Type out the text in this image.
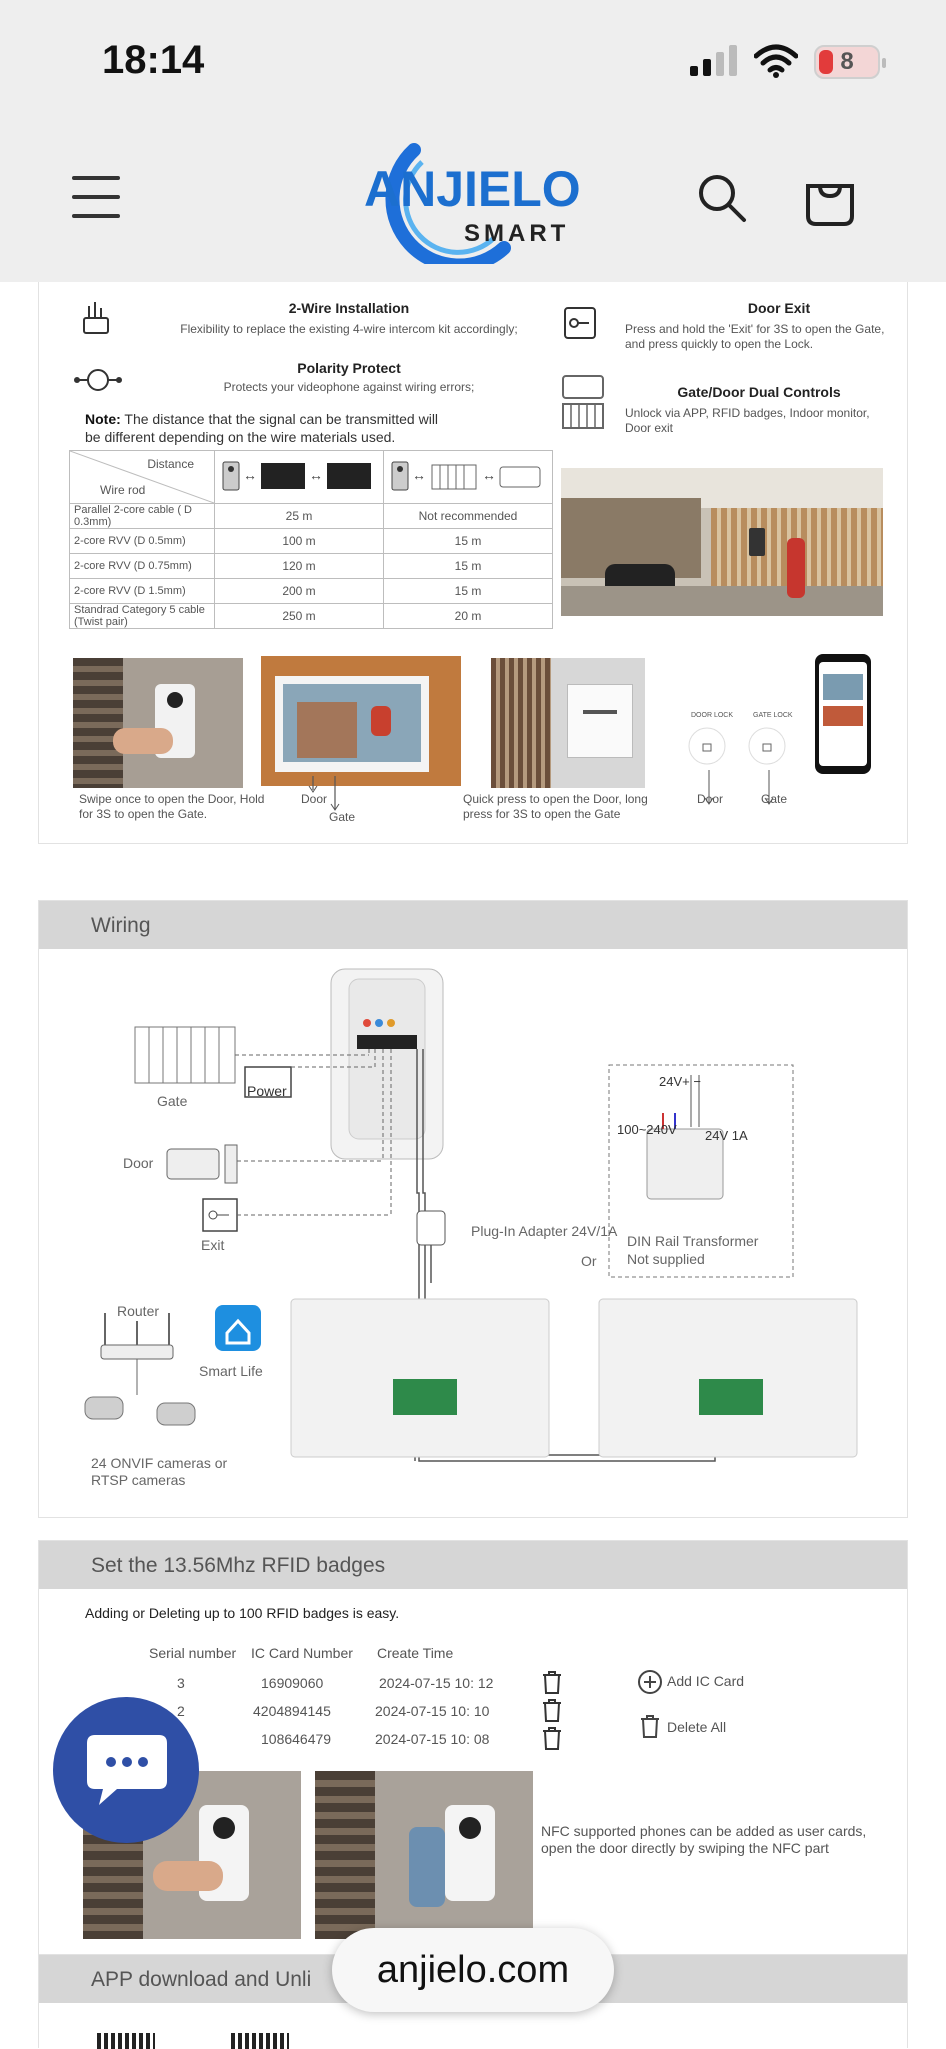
18:14	8
ANJIELO
SMART
2-Wire Installation
Flexibility to replace the existing 4-wire intercom kit accordingly;
Polarity Protect
Protects your videophone against wiring errors;
Note: The distance that the signal can be transmitted will be different depending on the wire materials used.
Door Exit
Press and hold the 'Exit' for 3S to open the Gate, and press quickly to open the Lock.
Gate/Door Dual Controls
Unlock via APP, RFID badges, Indoor monitor, Door exit
Distance
Wire rod	↔ ↔	↔ ↔

Parallel 2-core cable ( D 0.3mm)	25 m	Not recommended
2-core RVV (D 0.5mm)	100 m	15 m
2-core RVV (D 0.75mm)	120 m	15 m
2-core RVV (D 1.5mm)	200 m	15 m
Standrad Category 5 cable (Twist pair)	250 m	20 m
Swipe once to open the Door, Hold for 3S to open the Gate.
Door
Gate
Quick press to open the Door, long press for 3S to open the Gate
DOOR LOCK	GATE LOCK
Door	Gate
Wiring
Gate
Power
Door
Exit
Plug-In Adapter 24V/1A
Or
24V+ −
100~240V 24V 1A
DIN Rail Transformer
Not supplied
Router
Smart Life
24 ONVIF cameras or RTSP cameras
Set the 13.56Mhz RFID badges
Adding or Deleting up to 100 RFID badges is easy.
Serial number IC Card Number Create Time
3	16909060	2024-07-15 10: 12
2	4204894145	2024-07-15 10: 10
108646479	2024-07-15 10: 08
Add IC Card
Delete All
NFC supported phones can be added as user cards, open the door directly by swiping the NFC part
APP download and Unli	anjielo.com
